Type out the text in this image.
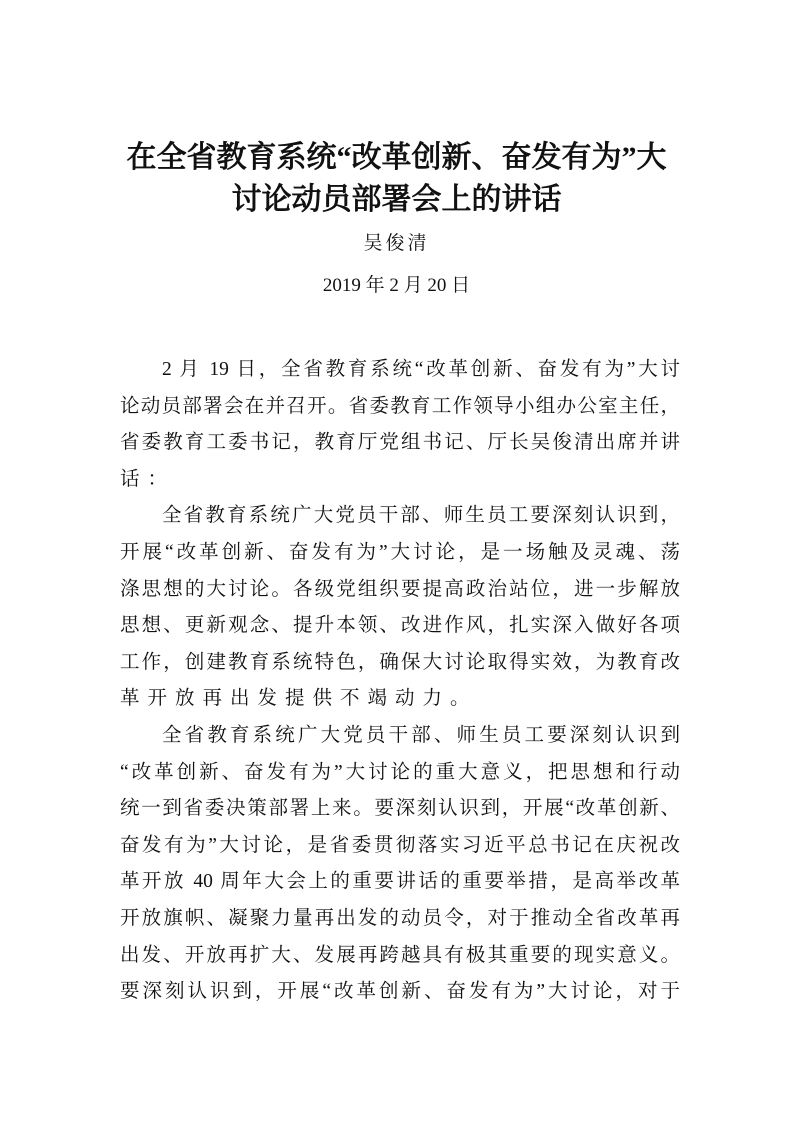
在全省教育系统“改革创新、奋发有为”大
讨论动员部署会上的讲话
吴俊清
2019 年 2 月 20 日
2 月 19 日，全省教育系统“改革创新、奋发有为”大讨
论动员部署会在并召开。省委教育工作领导小组办公室主任，
省委教育工委书记，教育厅党组书记、厅长吴俊清出席并讲
话：
全省教育系统广大党员干部、师生员工要深刻认识到，
开展“改革创新、奋发有为”大讨论，是一场触及灵魂、荡
涤思想的大讨论。各级党组织要提高政治站位，进一步解放
思想、更新观念、提升本领、改进作风，扎实深入做好各项
工作，创建教育系统特色，确保大讨论取得实效，为教育改
革开放再出发提供不竭动力。
全省教育系统广大党员干部、师生员工要深刻认识到
“改革创新、奋发有为”大讨论的重大意义，把思想和行动
统一到省委决策部署上来。要深刻认识到，开展“改革创新、
奋发有为”大讨论，是省委贯彻落实习近平总书记在庆祝改
革开放 40 周年大会上的重要讲话的重要举措，是高举改革
开放旗帜、凝聚力量再出发的动员令，对于推动全省改革再
出发、开放再扩大、发展再跨越具有极其重要的现实意义。
要深刻认识到，开展“改革创新、奋发有为”大讨论，对于
